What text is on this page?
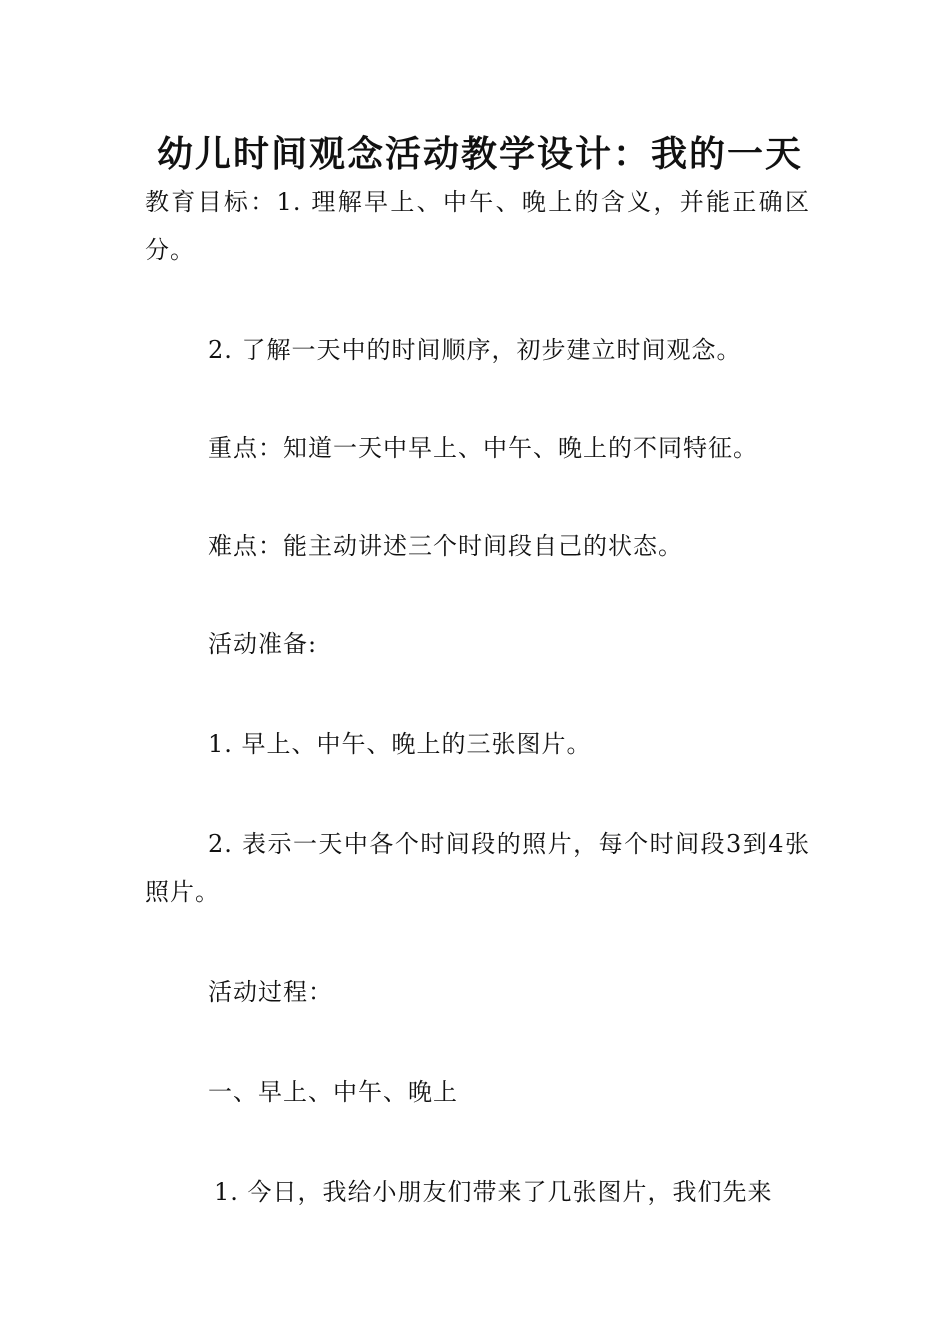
幼儿时间观念活动教学设计：我的一天
教育目标：1. 理解早上、中午、晚上的含义，并能正确区分。
2. 了解一天中的时间顺序，初步建立时间观念。
重点：知道一天中早上、中午、晚上的不同特征。
难点：能主动讲述三个时间段自己的状态。
活动准备:
1. 早上、中午、晚上的三张图片。
2. 表示一天中各个时间段的照片，每个时间段3到4张照片。
活动过程：
一、早上、中午、晚上
1. 今日，我给小朋友们带来了几张图片，我们先来
